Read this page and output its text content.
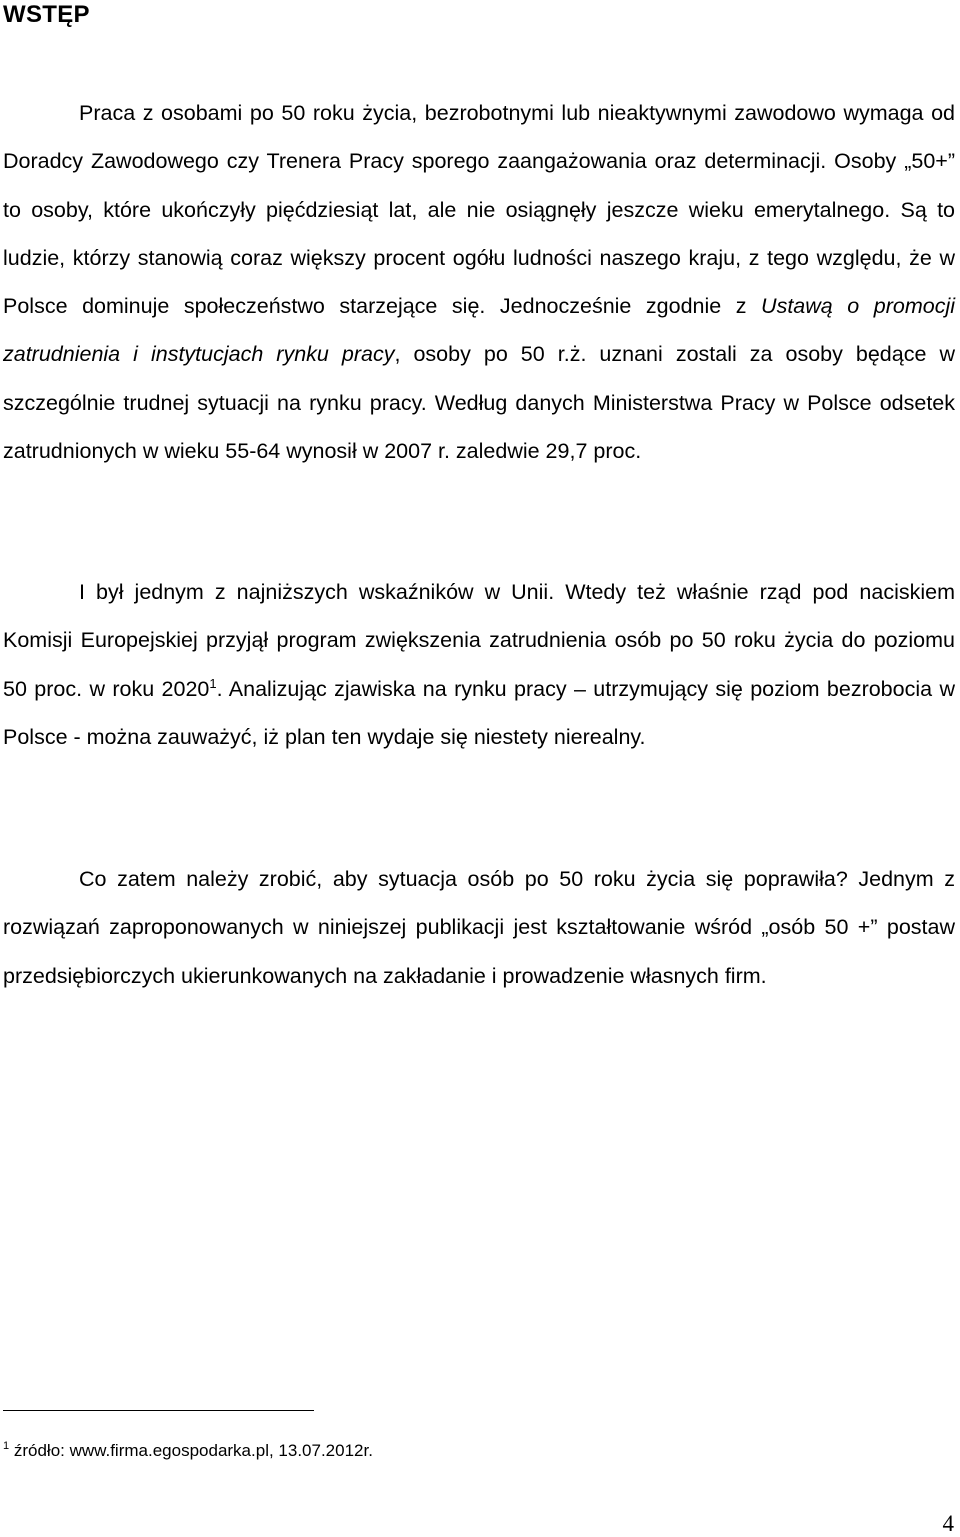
WSTĘP

Praca z osobami po 50 roku życia, bezrobotnymi lub nieaktywnymi zawodowo wymaga od Doradcy Zawodowego czy Trenera Pracy sporego zaangażowania oraz determinacji. Osoby „50+” to osoby, które ukończyły pięćdziesiąt lat, ale nie osiągnęły jeszcze wieku emerytalnego. Są to ludzie, którzy stanowią coraz większy procent ogółu ludności naszego kraju, z tego względu, że w Polsce dominuje społeczeństwo starzejące się. Jednocześnie zgodnie z Ustawą o promocji zatrudnienia i instytucjach rynku pracy, osoby po 50 r.ż. uznani zostali za osoby będące w szczególnie trudnej sytuacji na rynku pracy. Według danych Ministerstwa Pracy w Polsce odsetek zatrudnionych w wieku 55-64 wynosił w 2007 r. zaledwie 29,7 proc.

I był jednym z najniższych wskaźników w Unii. Wtedy też właśnie rząd pod naciskiem Komisji Europejskiej przyjął program zwiększenia zatrudnienia osób po 50 roku życia do poziomu 50 proc. w roku 2020$^1$. Analizując zjawiska na rynku pracy – utrzymujący się poziom bezrobocia w Polsce - można zauważyć, iż plan ten wydaje się niestety nierealny.

Co zatem należy zrobić, aby sytuacja osób po 50 roku życia się poprawiła? Jednym z rozwiązań zaproponowanych w niniejszej publikacji jest kształtowanie wśród „osób 50 +” postaw przedsiębiorczych ukierunkowanych na zakładanie i prowadzenie własnych firm.

$^1$ źródło: www.firma.egospodarka.pl, 13.07.2012r.
4
